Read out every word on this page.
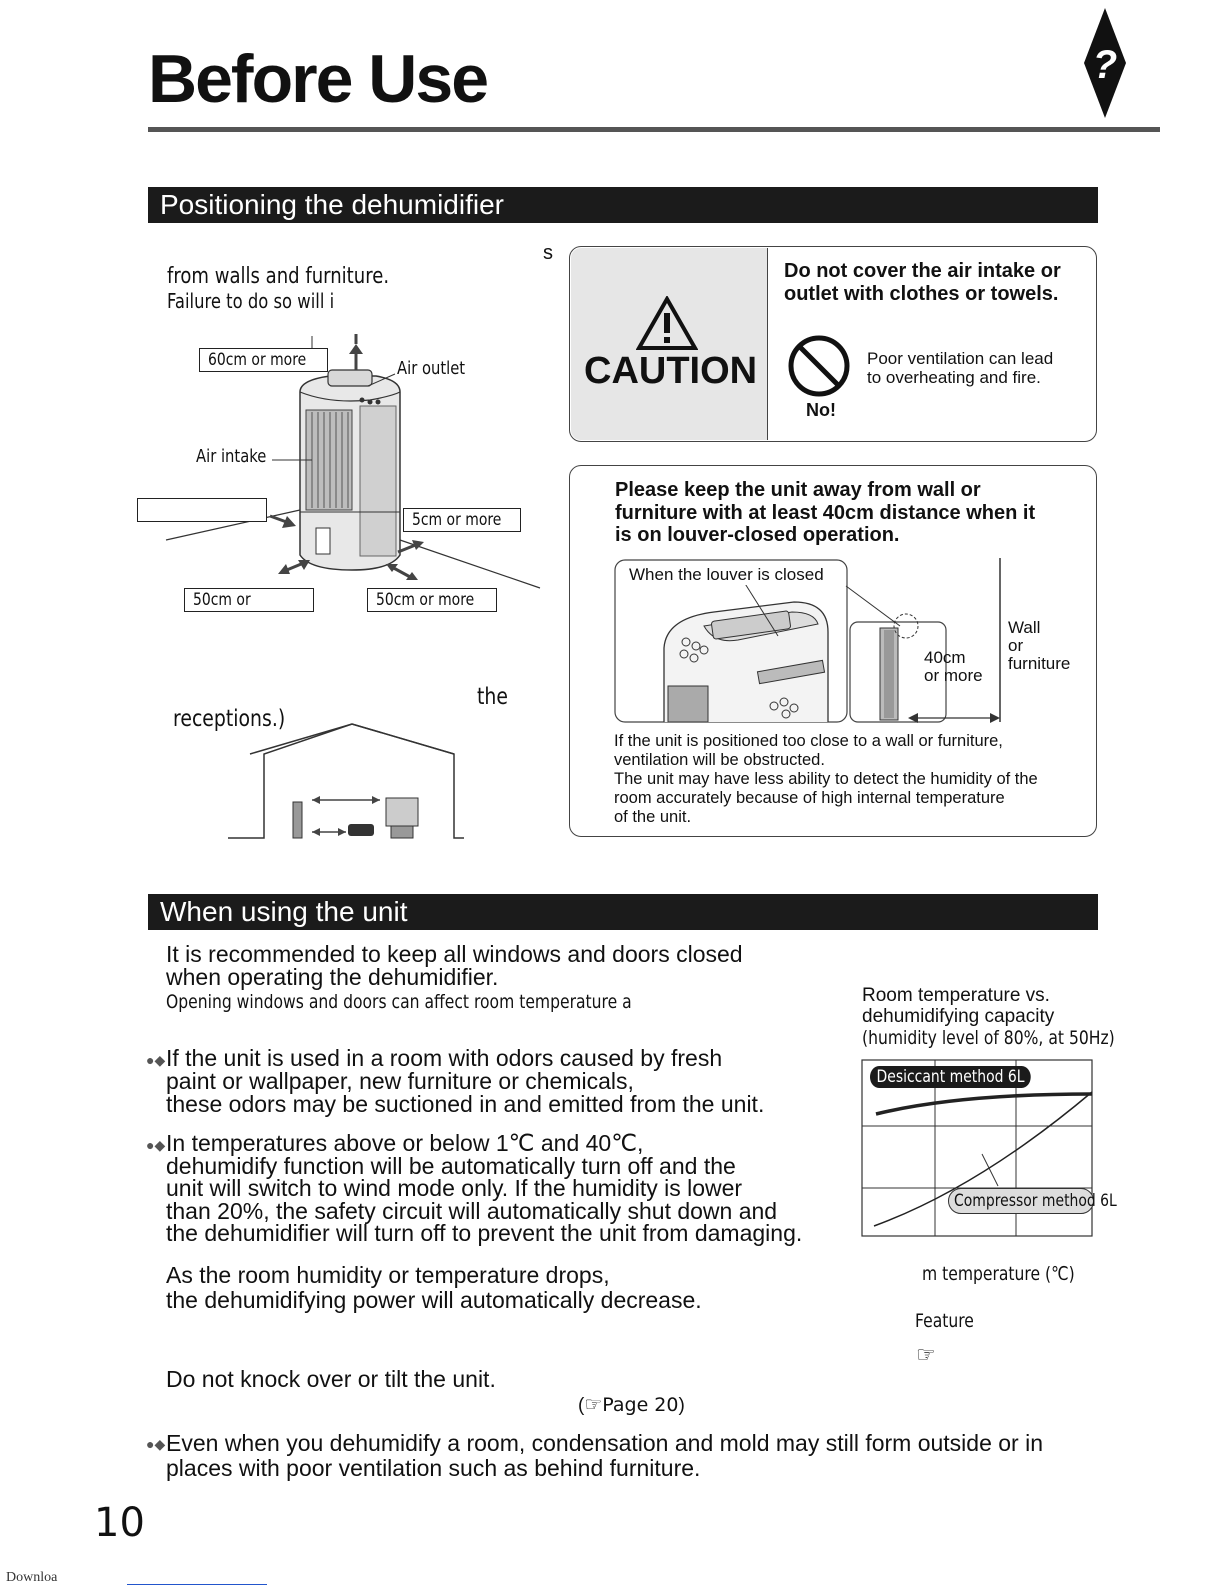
Before Use	?
Positioning the dehumidifier
s
from walls and furniture.
Failure to do so will i
60cm or more	Air outlet
Air intake
5cm or more
50cm or	50cm or more
the
receptions.)
CAUTION
Do not cover the air intake or
outlet with clothes or towels.
No!
Poor ventilation can lead
to overheating and fire.
Please keep the unit away from wall or
furniture with at least 40cm distance when it
is on louver-closed operation.
When the louver is closed
40cm
or more
Wall
or
furniture
If the unit is positioned too close to a wall or furniture,
ventilation will be obstructed.
The unit may have less ability to detect the humidity of the
room accurately because of high internal temperature
of the unit.
When using the unit
It is recommended to keep all windows and doors closed
when operating the dehumidifier.
Opening windows and doors can affect room temperature a
●◆ If the unit is used in a room with odors caused by fresh
paint or wallpaper, new furniture or chemicals,
these odors may be suctioned in and emitted from the unit.
●◆ In temperatures above or below 1℃ and 40℃,
dehumidify function will be automatically turn off and the
unit will switch to wind mode only. If the humidity is lower
than 20%, the safety circuit will automatically shut down and
the dehumidifier will turn off to prevent the unit from damaging.
As the room humidity or temperature drops,
the dehumidifying power will automatically decrease.
Do not knock over or tilt the unit.
(☞Page 20)
●◆ Even when you dehumidify a room, condensation and mold may still form outside or in
places with poor ventilation such as behind furniture.
Room temperature vs.
dehumidifying capacity
(humidity level of 80%, at 50Hz)
Desiccant method 6L
Compressor method 6L
m temperature (℃)
Feature
☞
10
Downloa
